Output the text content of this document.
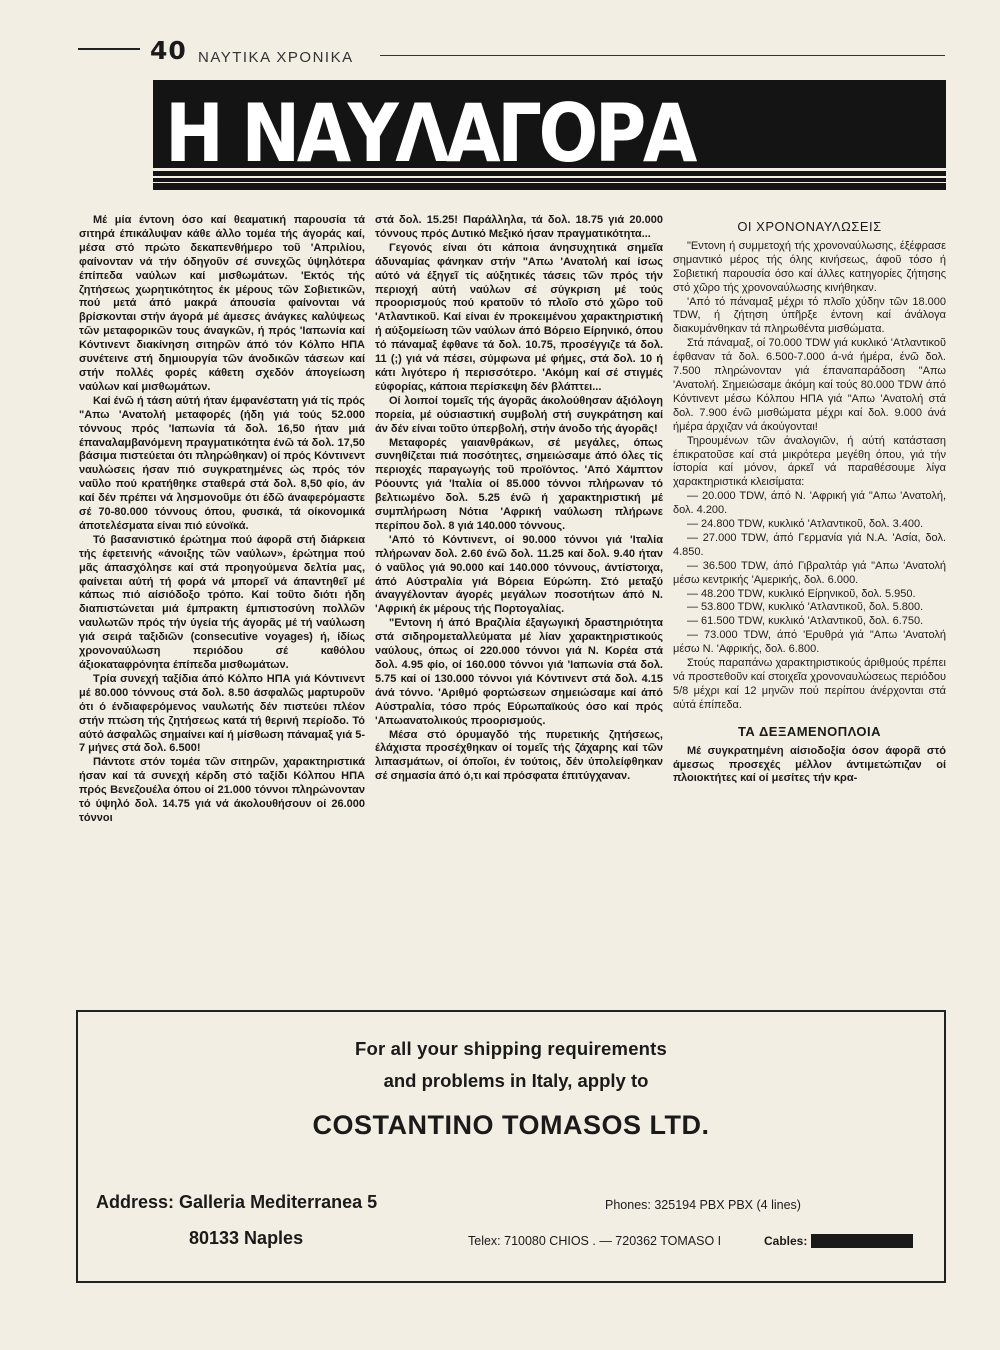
40 ΝΑΥΤΙΚΑ ΧΡΟΝΙΚΑ
Η ΝΑΥΛΑΓΟΡΑ

Μέ μία έντονη όσο καί θεαματική παρουσία τά σιτηρά έπικάλυψαν κάθε άλλο τομέα τής άγοράς καί, μέσα στό πρώτο δεκαπενθήμερο τοῦ 'Απριλίου, φαίνονταν νά τήν όδηγοῦν σέ συνεχῶς ύψηλότερα έπίπεδα ναύλων καί μισθωμάτων. 'Εκτός τής ζητήσεως χωρητικότητος έκ μέρους τῶν Σοβιετικῶν, πού μετά άπό μακρά άπουσία φαίνονται νά βρίσκονται στήν άγορά μέ άμεσες άνάγκες καλύψεως τῶν μεταφορικῶν τους άναγκῶν, ή πρός 'Ιαπωνία καί Κόντινεντ διακίνηση σιτηρῶν άπό τόν Κόλπο ΗΠΑ συνέτεινε στή δημιουργία τῶν άνοδικῶν τάσεων καί στήν πολλές φορές κάθετη σχεδόν άπογείωση ναύλων καί μισθωμάτων.

Καί ένῶ ή τάση αύτή ήταν έμφανέστατη γιά τίς πρός "Απω 'Ανατολή μεταφορές (ήδη γιά τούς 52.000 τόννους πρός 'Ιαπωνία τά δολ. 16,50 ήταν μιά έπαναλαμβανόμενη πραγματικότητα ένῶ τά δολ. 17,50 βάσιμα πιστεύεται ότι πληρώθηκαν) οί πρός Κόντινεντ ναυλώσεις ήσαν πιό συγκρατημένες ώς πρός τόν ναῦλο πού κρατήθηκε σταθερά στά δολ. 8,50 φίο, άν καί δέν πρέπει νά λησμονοῦμε ότι έδῶ άναφερόμαστε σέ 70-80.000 τόννους όπου, φυσικά, τά οίκονομικά άποτελέσματα είναι πιό εύνοϊκά.

Τό βασανιστικό έρώτημα πού άφορᾶ στή διάρκεια τής έφετεινής «άνοιξης τῶν ναύλων», έρώτημα πού μᾶς άπασχόλησε καί στά προηγούμενα δελτία μας, φαίνεται αύτή τή φορά νά μπορεῖ νά άπαντηθεῖ μέ κάπως πιό αίσιόδοξο τρόπο. Καί τοῦτο διότι ήδη διαπιστώνεται μιά έμπρακτη έμπιστοσύνη πολλῶν ναυλωτῶν πρός τήν ύγεία τής άγορᾶς μέ τή ναύλωση γιά σειρά ταξιδιῶν (consecutive voyages) ή, ίδίως χρονοναύλωση περιόδου σέ καθόλου άξιοκαταφρόνητα έπίπεδα μισθωμάτων.

Τρία συνεχή ταξίδια άπό Κόλπο ΗΠΑ γιά Κόντινεντ μέ 80.000 τόννους στά δολ. 8.50 άσφαλῶς μαρτυροῦν ότι ό ένδιαφερόμενος ναυλωτής δέν πιστεύει πλέον στήν πτώση τής ζητήσεως κατά τή θερινή περίοδο. Τό αύτό άσφαλῶς σημαίνει καί ή μίσθωση πάναμαξ γιά 5-7 μήνες στά δολ. 6.500!

Πάντοτε στόν τομέα τῶν σιτηρῶν, χαρακτηριστικά ήσαν καί τά συνεχή κέρδη στό ταξίδι Κόλπου ΗΠΑ πρός Βενεζουέλα όπου οί 21.000 τόννοι πληρώνονταν τό ύψηλό δολ. 14.75 γιά νά άκολουθήσουν οί 26.000 τόννοι

στά δολ. 15.25! Παράλληλα, τά δολ. 18.75 γιά 20.000 τόννους πρός Δυτικό Μεξικό ήσαν πραγματικότητα...

Γεγονός είναι ότι κάποια άνησυχητικά σημεῖα άδυναμίας φάνηκαν στήν "Απω 'Ανατολή καί ίσως αύτό νά έξηγεῖ τίς αύξητικές τάσεις τῶν πρός τήν περιοχή αύτή ναύλων σέ σύγκριση μέ τούς προορισμούς πού κρατοῦν τό πλοῖο στό χῶρο τοῦ 'Ατλαντικοῦ. Καί είναι έν προκειμένου χαρακτηριστική ή αύξομείωση τῶν ναύλων άπό Βόρειο Είρηνικό, όπου τό πάναμαξ έφθανε τά δολ. 10.75, προσέγγιζε τά δολ. 11 (;) γιά νά πέσει, σύμφωνα μέ φήμες, στά δολ. 10 ή κάτι λιγότερο ή περισσότερο. 'Ακόμη καί σέ στιγμές εύφορίας, κάποια περίσκεψη δέν βλάπτει...

Οί λοιποί τομεῖς τής άγορᾶς άκολούθησαν άξιόλογη πορεία, μέ ούσιαστική συμβολή στή συγκράτηση καί άν δέν είναι τοῦτο ύπερβολή, στήν άνοδο τής άγορᾶς!

Μεταφορές γαιανθράκων, σέ μεγάλες, όπως συνηθίζεται πιά ποσότητες, σημειώσαμε άπό όλες τίς περιοχές παραγωγής τοῦ προϊόντος. 'Από Χάμπτον Ρόουντς γιά 'Ιταλία οί 85.000 τόννοι πλήρωναν τό βελτιωμένο δολ. 5.25 ένῶ ή χαρακτηριστική μέ συμπλήρωση Νότια 'Αφρική ναύλωση πλήρωνε περίπου δολ. 8 γιά 140.000 τόννους.

'Από τό Κόντινεντ, οί 90.000 τόννοι γιά 'Ιταλία πλήρωναν δολ. 2.60 ένῶ δολ. 11.25 καί δολ. 9.40 ήταν ό ναῦλος γιά 90.000 καί 140.000 τόννους, άντίστοιχα, άπό Αύστραλία γιά Βόρεια Εύρώπη. Στό μεταξύ άναγγέλονταν άγορές μεγάλων ποσοτήτων άπό Ν. 'Αφρική έκ μέρους τής Πορτογαλίας.

"Εντονη ή άπό Βραζιλία έξαγωγική δραστηριότητα στά σιδηρομεταλλεύματα μέ λίαν χαρακτηριστικούς ναύλους, όπως οί 220.000 τόννοι γιά Ν. Κορέα στά δολ. 4.95 φίο, οί 160.000 τόννοι γιά 'Ιαπωνία στά δολ. 5.75 καί οί 130.000 τόννοι γιά Κόντινεντ στά δολ. 4.15 άνά τόννο. 'Αριθμό φορτώσεων σημειώσαμε καί άπό Αύστραλία, τόσο πρός Εύρωπαϊκούς όσο καί πρός 'Απωανατολικούς προορισμούς.

Μέσα στό όρυμαγδό τής πυρετικής ζητήσεως, έλάχιστα προσέχθηκαν οί τομεῖς τής ζάχαρης καί τῶν λιπασμάτων, οί όποῖοι, έν τούτοις, δέν ύπολείφθηκαν σέ σημασία άπό ό,τι καί πρόσφατα έπιτύγχαναν.

ΟΙ ΧΡΟΝΟΝΑΥΛΩΣΕΙΣ

"Εντονη ή συμμετοχή τής χρονοναύλωσης, έξέφρασε σημαντικό μέρος τής όλης κινήσεως, άφοῦ τόσο ή Σοβιετική παρουσία όσο καί άλλες κατηγορίες ζήτησης στό χῶρο τής χρονοναύλωσης κινήθηκαν.

'Από τό πάναμαξ μέχρι τό πλοῖο χύδην τῶν 18.000 TDW, ή ζήτηση ύπῆρξε έντονη καί άνάλογα διακυμάνθηκαν τά πληρωθέντα μισθώματα.

Στά πάναμαξ, οί 70.000 TDW γιά κυκλικό 'Ατλαντικοῦ έφθαναν τά δολ. 6.500-7.000 ά-νά ήμέρα, ένῶ δολ. 7.500 πληρώνονταν γιά έπαναπαράδοση "Απω 'Ανατολή. Σημειώσαμε άκόμη καί τούς 80.000 TDW άπό Κόντινεντ μέσω Κόλπου ΗΠΑ γιά "Απω 'Ανατολή στά δολ. 7.900 ένῶ μισθώματα μέχρι καί δολ. 9.000 άνά ήμέρα άρχιζαν νά άκούγονται!

Τηρουμένων τῶν άναλογιῶν, ή αύτή κατάσταση έπικρατοῦσε καί στά μικρότερα μεγέθη όπου, γιά τήν ίστορία καί μόνον, άρκεῖ νά παραθέσουμε λίγα χαρακτηριστικά κλεισίματα:

— 20.000 TDW, άπό Ν. 'Αφρική γιά "Απω 'Ανατολή, δολ. 4.200.

— 24.800 TDW, κυκλικό 'Ατλαντικοῦ, δολ. 3.400.

— 27.000 TDW, άπό Γερμανία γιά Ν.Α. 'Ασία, δολ. 4.850.

— 36.500 TDW, άπό Γιβραλτάρ γιά "Απω 'Ανατολή μέσω κεντρικής 'Αμερικής, δολ. 6.000.

— 48.200 TDW, κυκλικό Είρηνικοῦ, δολ. 5.950.

— 53.800 TDW, κυκλικό 'Ατλαντικοῦ, δολ. 5.800.

— 61.500 TDW, κυκλικό 'Ατλαντικοῦ, δολ. 6.750.

— 73.000 TDW, άπό 'Ερυθρά γιά "Απω 'Ανατολή μέσω Ν. 'Αφρικής, δολ. 6.800.

Στούς παραπάνω χαρακτηριστικούς άριθμούς πρέπει νά προστεθοῦν καί στοιχεῖα χρονοναυλώσεως περιόδου 5/8 μέχρι καί 12 μηνῶν πού περίπου άνέρχονται στά αύτά έπίπεδα.

ΤΑ ΔΕΞΑΜΕΝΟΠΛΟΙΑ

Μέ συγκρατημένη αίσιοδοξία όσον άφορᾶ στό άμεσως προσεχές μέλλον άντιμετώπιζαν οί πλοιοκτήτες καί οί μεσίτες τήν κρα-

For all your shipping requirements
and problems in Italy, apply to
COSTANTINO TOMASOS LTD.
Address: Galleria Mediterranea 5
80133 Naples
Phones: 325194 PBX PBX (4 lines)
Telex: 710080 CHIOS . — 720362 TOMASO I	Cables: CHIOS NAPLES
